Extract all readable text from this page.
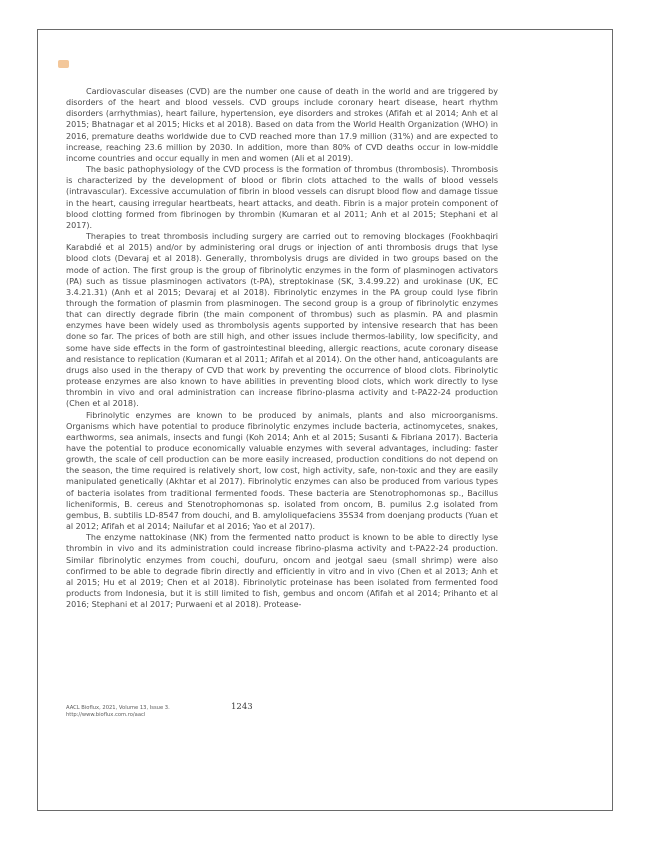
Cardiovascular diseases (CVD) are the number one cause of death in the world and are triggered by disorders of the heart and blood vessels. CVD groups include coronary heart disease, heart rhythm disorders (arrhythmias), heart failure, hypertension, eye disorders and strokes (Afifah et al 2014; Anh et al 2015; Bhatnagar et al 2015; Hicks et al 2018). Based on data from the World Health Organization (WHO) in 2016, premature deaths worldwide due to CVD reached more than 17.9 million (31%) and are expected to increase, reaching 23.6 million by 2030. In addition, more than 80% of CVD deaths occur in low-middle income countries and occur equally in men and women (Ali et al 2019).

The basic pathophysiology of the CVD process is the formation of thrombus (thrombosis). Thrombosis is characterized by the development of blood or fibrin clots attached to the walls of blood vessels (intravascular). Excessive accumulation of fibrin in blood vessels can disrupt blood flow and damage tissue in the heart, causing irregular heartbeats, heart attacks, and death. Fibrin is a major protein component of blood clotting formed from fibrinogen by thrombin (Kumaran et al 2011; Anh et al 2015; Stephani et al 2017).

Therapies to treat thrombosis including surgery are carried out to removing blockages (Fookhbaqiri Karabdié et al 2015) and/or by administering oral drugs or injection of anti thrombosis drugs that lyse blood clots (Devaraj et al 2018). Generally, thrombolysis drugs are divided in two groups based on the mode of action. The first group is the group of fibrinolytic enzymes in the form of plasminogen activators (PA) such as tissue plasminogen activators (t-PA), streptokinase (SK, 3.4.99.22) and urokinase (UK, EC 3.4.21.31) (Anh et al 2015; Devaraj et al 2018). Fibrinolytic enzymes in the PA group could lyse fibrin through the formation of plasmin from plasminogen. The second group is a group of fibrinolytic enzymes that can directly degrade fibrin (the main component of thrombus) such as plasmin. PA and plasmin enzymes have been widely used as thrombolysis agents supported by intensive research that has been done so far. The prices of both are still high, and other issues include thermos-lability, low specificity, and some have side effects in the form of gastrointestinal bleeding, allergic reactions, acute coronary disease and resistance to replication (Kumaran et al 2011; Afifah et al 2014). On the other hand, anticoagulants are drugs also used in the therapy of CVD that work by preventing the occurrence of blood clots. Fibrinolytic protease enzymes are also known to have abilities in preventing blood clots, which work directly to lyse thrombin in vivo and oral administration can increase fibrino-plasma activity and t-PA22-24 production (Chen et al 2018).

Fibrinolytic enzymes are known to be produced by animals, plants and also microorganisms. Organisms which have potential to produce fibrinolytic enzymes include bacteria, actinomycetes, snakes, earthworms, sea animals, insects and fungi (Koh 2014; Anh et al 2015; Susanti & Fibriana 2017). Bacteria have the potential to produce economically valuable enzymes with several advantages, including: faster growth, the scale of cell production can be more easily increased, production conditions do not depend on the season, the time required is relatively short, low cost, high activity, safe, non-toxic and they are easily manipulated genetically (Akhtar et al 2017). Fibrinolytic enzymes can also be produced from various types of bacteria isolates from traditional fermented foods. These bacteria are Stenotrophomonas sp., Bacillus licheniformis, B. cereus and Stenotrophomonas sp. isolated from oncom, B. pumilus 2.g isolated from gembus, B. subtilis LD-8547 from douchi, and B. amyloliquefaciens 35S34 from doenjang products (Yuan et al 2012; Afifah et al 2014; Nailufar et al 2016; Yao et al 2017).

The enzyme nattokinase (NK) from the fermented natto product is known to be able to directly lyse thrombin in vivo and its administration could increase fibrino-plasma activity and t-PA22-24 production. Similar fibrinolytic enzymes from couchi, doufuru, oncom and jeotgal saeu (small shrimp) were also confirmed to be able to degrade fibrin directly and efficiently in vitro and in vivo (Chen et al 2013; Anh et al 2015; Hu et al 2019; Chen et al 2018). Fibrinolytic proteinase has been isolated from fermented food products from Indonesia, but it is still limited to fish, gembus and oncom (Afifah et al 2014; Prihanto et al 2016; Stephani et al 2017; Purwaeni et al 2018). Protease-

AACL Bioflux, 2021, Volume 13, Issue 3.
http://www.bioflux.com.ro/aacl
1243
